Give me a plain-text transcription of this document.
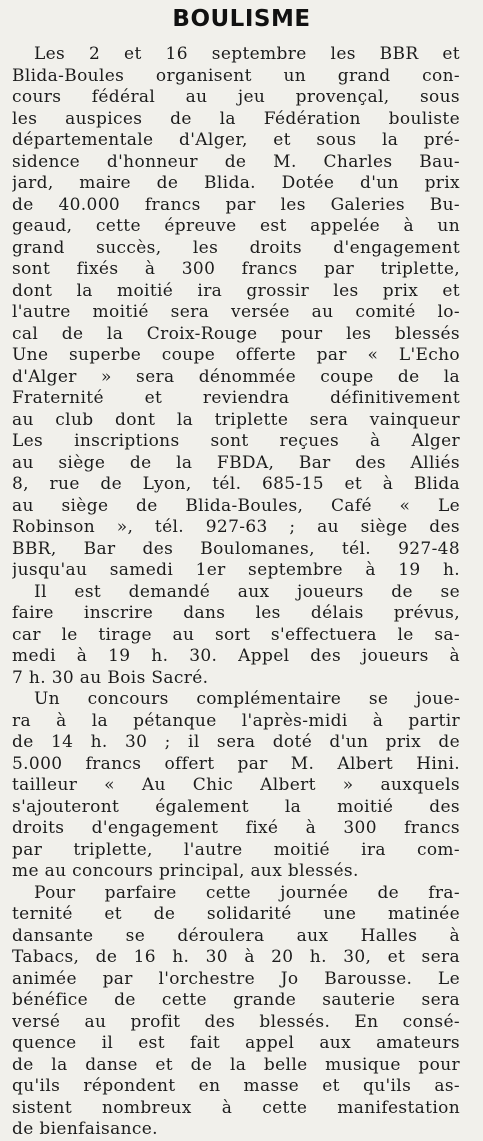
BOULISME
Les 2 et 16 septembre les BBR et
Blida-Boules organisent un grand con-
cours fédéral au jeu provençal, sous
les auspices de la Fédération bouliste
départementale d'Alger, et sous la pré-
sidence d'honneur de M. Charles Bau-
jard, maire de Blida. Dotée d'un prix
de 40.000 francs par les Galeries Bu-
geaud, cette épreuve est appelée à un
grand succès, les droits d'engagement
sont fixés à 300 francs par triplette,
dont la moitié ira grossir les prix et
l'autre moitié sera versée au comité lo-
cal de la Croix-Rouge pour les blessés
Une superbe coupe offerte par « L'Echo
d'Alger » sera dénommée coupe de la
Fraternité et reviendra définitivement
au club dont la triplette sera vainqueur
Les inscriptions sont reçues à Alger
au siège de la FBDA, Bar des Alliés
8, rue de Lyon, tél. 685-15 et à Blida
au siège de Blida-Boules, Café « Le
Robinson », tél. 927-63 ; au siège des
BBR, Bar des Boulomanes, tél. 927-48
jusqu'au samedi 1er septembre à 19 h.
Il est demandé aux joueurs de se
faire inscrire dans les délais prévus,
car le tirage au sort s'effectuera le sa-
medi à 19 h. 30. Appel des joueurs à
7 h. 30 au Bois Sacré.
Un concours complémentaire se joue-
ra à la pétanque l'après-midi à partir
de 14 h. 30 ; il sera doté d'un prix de
5.000 francs offert par M. Albert Hini.
tailleur « Au Chic Albert » auxquels
s'ajouteront également la moitié des
droits d'engagement fixé à 300 francs
par triplette, l'autre moitié ira com-
me au concours principal, aux blessés.
Pour parfaire cette journée de fra-
ternité et de solidarité une matinée
dansante se déroulera aux Halles à
Tabacs, de 16 h. 30 à 20 h. 30, et sera
animée par l'orchestre Jo Barousse. Le
bénéfice de cette grande sauterie sera
versé au profit des blessés. En consé-
quence il est fait appel aux amateurs
de la danse et de la belle musique pour
qu'ils répondent en masse et qu'ils as-
sistent nombreux à cette manifestation
de bienfaisance.
